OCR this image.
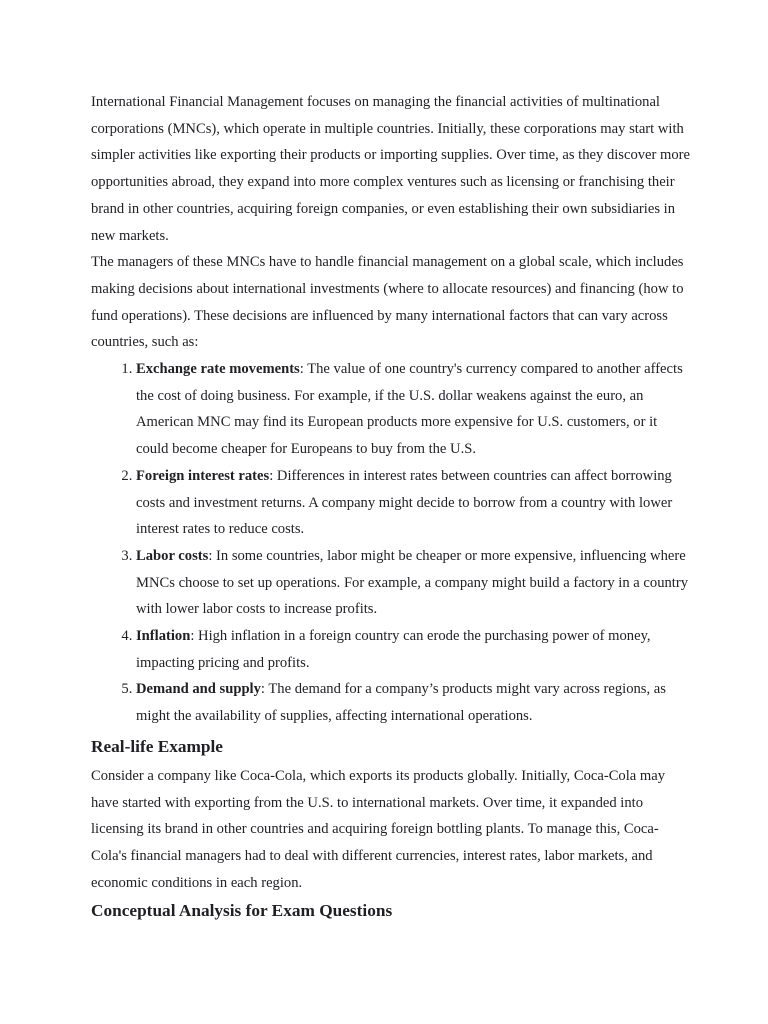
International Financial Management focuses on managing the financial activities of multinational corporations (MNCs), which operate in multiple countries. Initially, these corporations may start with simpler activities like exporting their products or importing supplies. Over time, as they discover more opportunities abroad, they expand into more complex ventures such as licensing or franchising their brand in other countries, acquiring foreign companies, or even establishing their own subsidiaries in new markets.

The managers of these MNCs have to handle financial management on a global scale, which includes making decisions about international investments (where to allocate resources) and financing (how to fund operations). These decisions are influenced by many international factors that can vary across countries, such as:

1. Exchange rate movements: The value of one country's currency compared to another affects the cost of doing business. For example, if the U.S. dollar weakens against the euro, an American MNC may find its European products more expensive for U.S. customers, or it could become cheaper for Europeans to buy from the U.S.
2. Foreign interest rates: Differences in interest rates between countries can affect borrowing costs and investment returns. A company might decide to borrow from a country with lower interest rates to reduce costs.
3. Labor costs: In some countries, labor might be cheaper or more expensive, influencing where MNCs choose to set up operations. For example, a company might build a factory in a country with lower labor costs to increase profits.
4. Inflation: High inflation in a foreign country can erode the purchasing power of money, impacting pricing and profits.
5. Demand and supply: The demand for a company’s products might vary across regions, as might the availability of supplies, affecting international operations.
Real-life Example

Consider a company like Coca-Cola, which exports its products globally. Initially, Coca-Cola may have started with exporting from the U.S. to international markets. Over time, it expanded into licensing its brand in other countries and acquiring foreign bottling plants. To manage this, Coca-Cola's financial managers had to deal with different currencies, interest rates, labor markets, and economic conditions in each region.

Conceptual Analysis for Exam Questions
